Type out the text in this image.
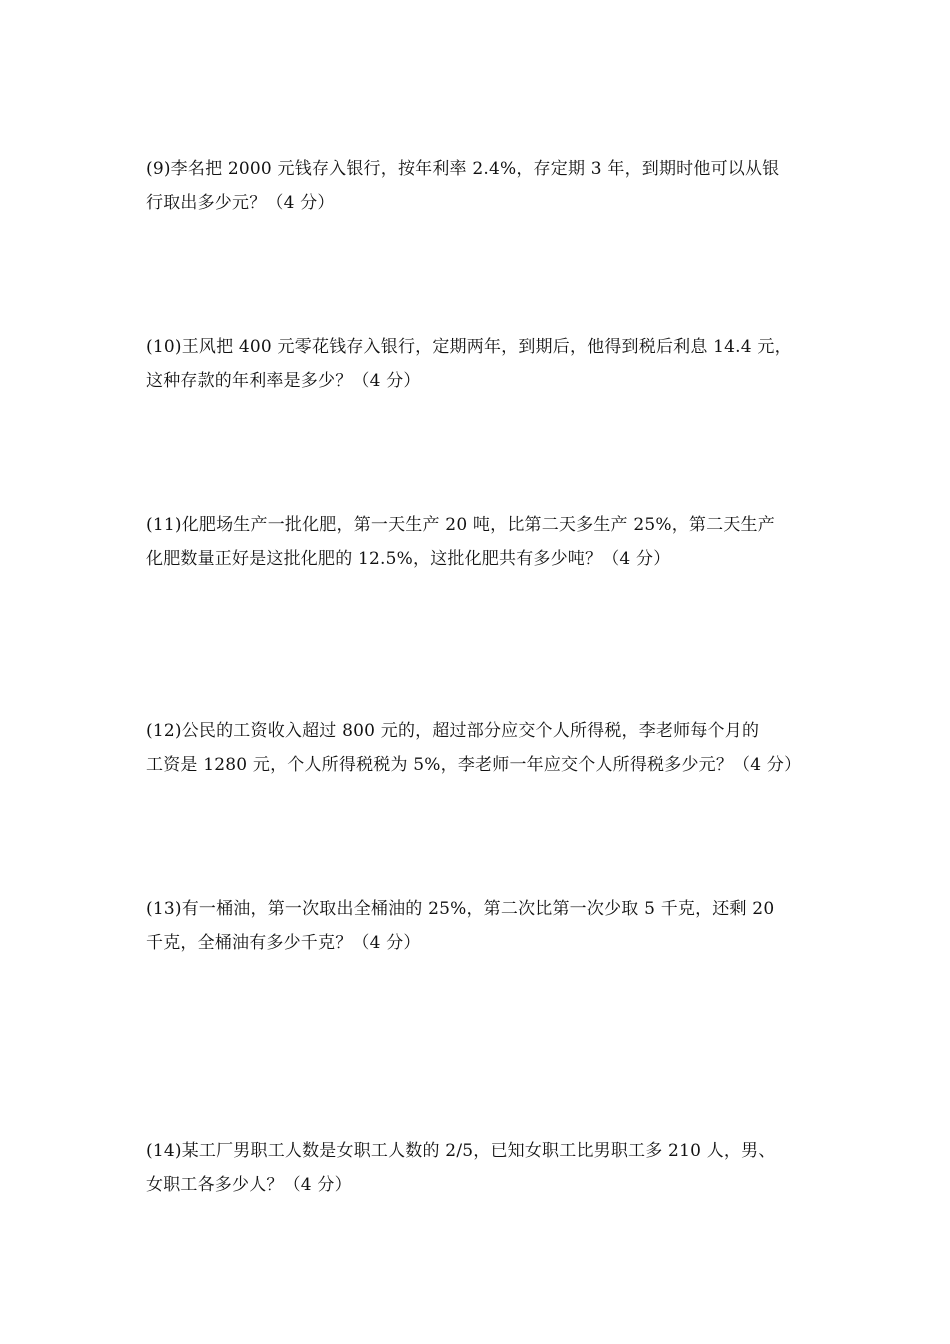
(9)李名把 2000 元钱存入银行，按年利率 2.4%，存定期 3 年，到期时他可以从银
行取出多少元？（4 分）

(10)王风把 400 元零花钱存入银行，定期两年，到期后，他得到税后利息 14.4 元，
这种存款的年利率是多少？（4 分）

(11)化肥场生产一批化肥，第一天生产 20 吨，比第二天多生产 25%，第二天生产
化肥数量正好是这批化肥的 12.5%，这批化肥共有多少吨？（4 分）

(12)公民的工资收入超过 800 元的，超过部分应交个人所得税，李老师每个月的
工资是 1280 元，个人所得税税为 5%，李老师一年应交个人所得税多少元？（4 分）

(13)有一桶油，第一次取出全桶油的 25%，第二次比第一次少取 5 千克，还剩 20
千克，全桶油有多少千克？（4 分）

(14)某工厂男职工人数是女职工人数的 2/5，已知女职工比男职工多 210 人，男、
女职工各多少人？（4 分）
